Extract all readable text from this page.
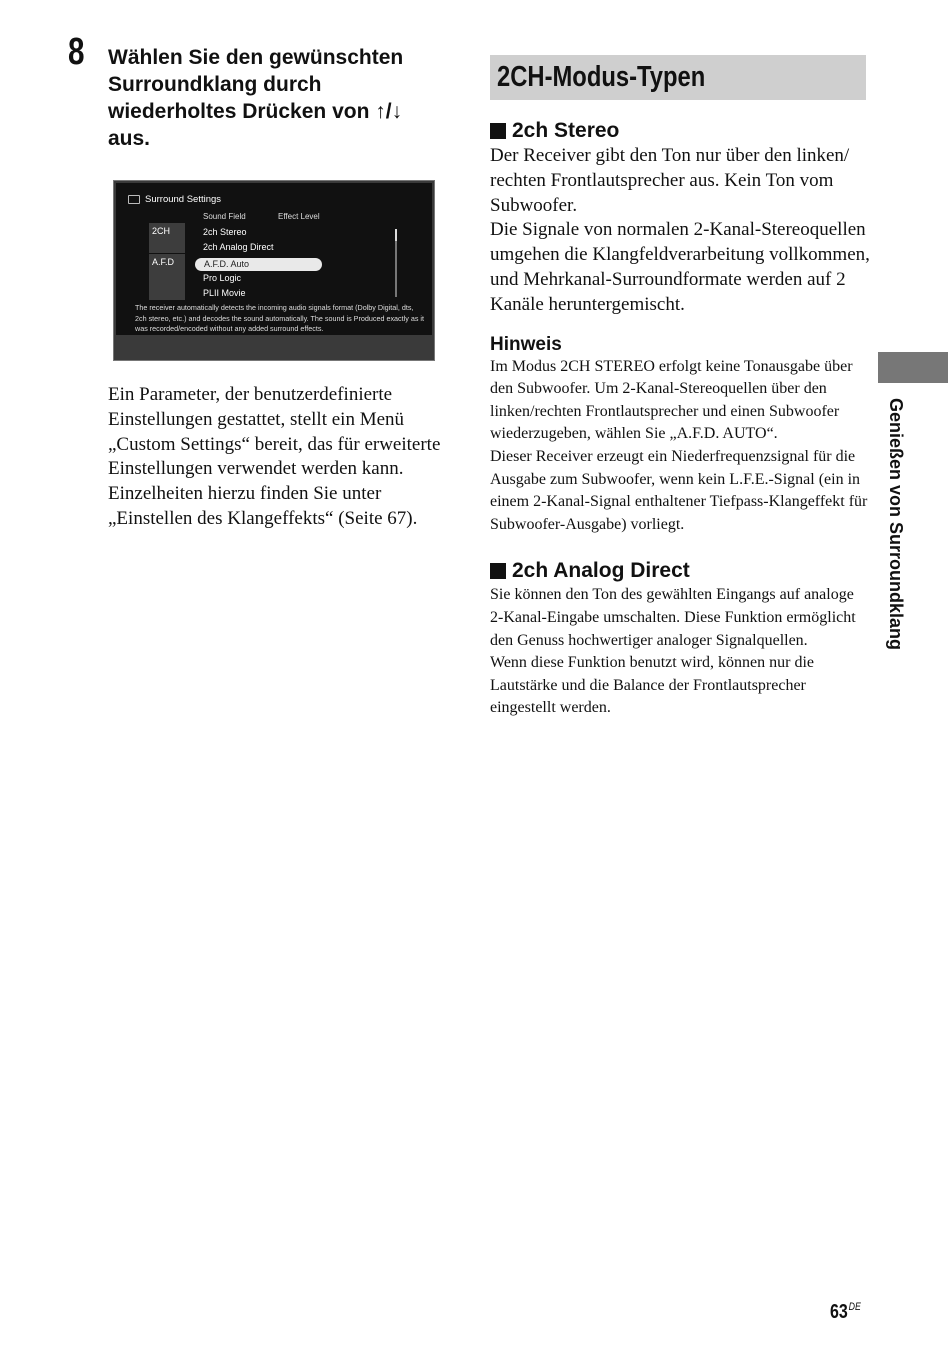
8 Wählen Sie den gewünschten Surroundklang durch wiederholtes Drücken von ↑/↓ aus.
Surround Settings
Sound Field	Effect Level
2CH
A.F.D
2ch Stereo
2ch Analog Direct
A.F.D. Auto
Pro Logic
PLII Movie
The receiver automatically detects the incoming audio signals format (Dolby Digital, dts, 2ch stereo, etc.) and decodes the sound automatically. The sound is Produced exactly as it was recorded/encoded without any added surround effects.
Ein Parameter, der benutzerdefinierte Einstellungen gestattet, stellt ein Menü „Custom Settings“ bereit, das für erweiterte Einstellungen verwendet werden kann. Einzelheiten hierzu finden Sie unter „Einstellen des Klangeffekts“ (Seite 67).
2CH-Modus-Typen
2ch Stereo
Der Receiver gibt den Ton nur über den linken/ rechten Frontlautsprecher aus. Kein Ton vom Subwoofer.
Die Signale von normalen 2-Kanal-Stereoquellen umgehen die Klangfeldverarbeitung vollkommen, und Mehrkanal-Surroundformate werden auf 2 Kanäle heruntergemischt.
Hinweis
Im Modus 2CH STEREO erfolgt keine Tonausgabe über den Subwoofer. Um 2-Kanal-Stereoquellen über den linken/rechten Frontlautsprecher und einen Subwoofer wiederzugeben, wählen Sie „A.F.D. AUTO“.
Dieser Receiver erzeugt ein Niederfrequenzsignal für die Ausgabe zum Subwoofer, wenn kein L.F.E.-Signal (ein in einem 2-Kanal-Signal enthaltener Tiefpass-Klangeffekt für Subwoofer-Ausgabe) vorliegt.
2ch Analog Direct
Sie können den Ton des gewählten Eingangs auf analoge 2-Kanal-Eingabe umschalten. Diese Funktion ermöglicht den Genuss hochwertiger analoger Signalquellen.
Wenn diese Funktion benutzt wird, können nur die Lautstärke und die Balance der Frontlautsprecher eingestellt werden.
Genießen von Surroundklang
63DE
